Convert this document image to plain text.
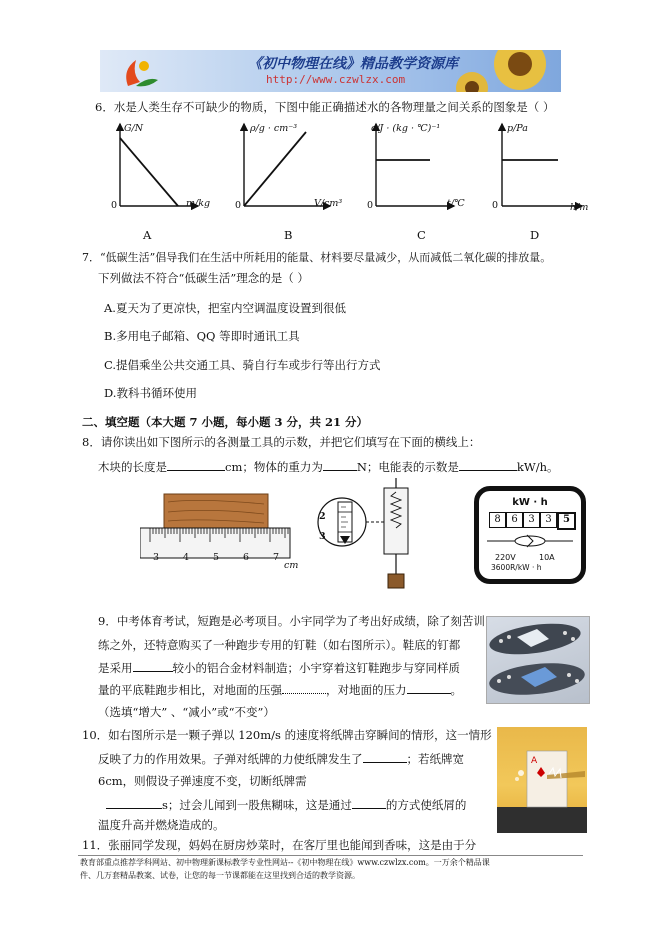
《初中物理在线》精品教学资源库
http://www.czwlzx.com
6．水是人类生存不可缺少的物质，下图中能正确描述水的各物理量之间关系的图象是（ ）
G/N
m/kg
0
A
ρ/g · cm⁻³
V/cm³
0
B
c/J · (kg · ℃)⁻¹
t/℃
0
C
p/Pa
h/m
0
D
7．“低碳生活”倡导我们在生活中所耗用的能量、材料要尽量减少，从而减低二氧化碳的排放量。
下列做法不符合“低碳生活”理念的是（ ）
A.夏天为了更凉快，把室内空调温度设置到很低
B.多用电子邮箱、QQ 等即时通讯工具
C.提倡乘坐公共交通工具、骑自行车或步行等出行方式
D.教科书循环使用
二、填空题（本大题 7 小题，每小题 3 分，共 21 分）
8．请你读出如下图所示的各测量工具的示数，并把它们填写在下面的横线上：
木块的长度是	cm；物体的重力为	N；电能表的示数是	kW/h。
3	4	5	6	7
cm
2
3
kW · h
8	6	3	3	5
220V	10A
3600R/kW · h
9．中考体育考试，短跑是必考项目。小宇同学为了考出好成绩，除了刻苦训
练之外，还特意购买了一种跑步专用的钉鞋（如右图所示）。鞋底的钉都
是采用	较小的铝合金材料制造；小宇穿着这钉鞋跑步与穿同样质
量的平底鞋跑步相比，对地面的压强	，对地面的压力	。
（选填“增大” 、“减小”或“不变”）
10．如右图所示是一颗子弹以 120m/s 的速度将纸牌击穿瞬间的情形，这一情形
反映了力的作用效果。子弹对纸牌的力使纸牌发生了	；若纸牌宽
6cm，则假设子弹速度不变，切断纸牌需
s；过会儿闻到一股焦糊味，这是通过	的方式使纸屑的
温度升高并燃烧造成的。
A
11．张丽同学发现，妈妈在厨房炒菜时，在客厅里也能闻到香味，这是由于分
教育部重点推荐学科网站、初中物理新课标教学专业性网站--《初中物理在线》www.czwlzx.com。一万余个精品课
件、几万套精品教案、试卷，让您的每一节课都能在这里找到合适的教学资源。
